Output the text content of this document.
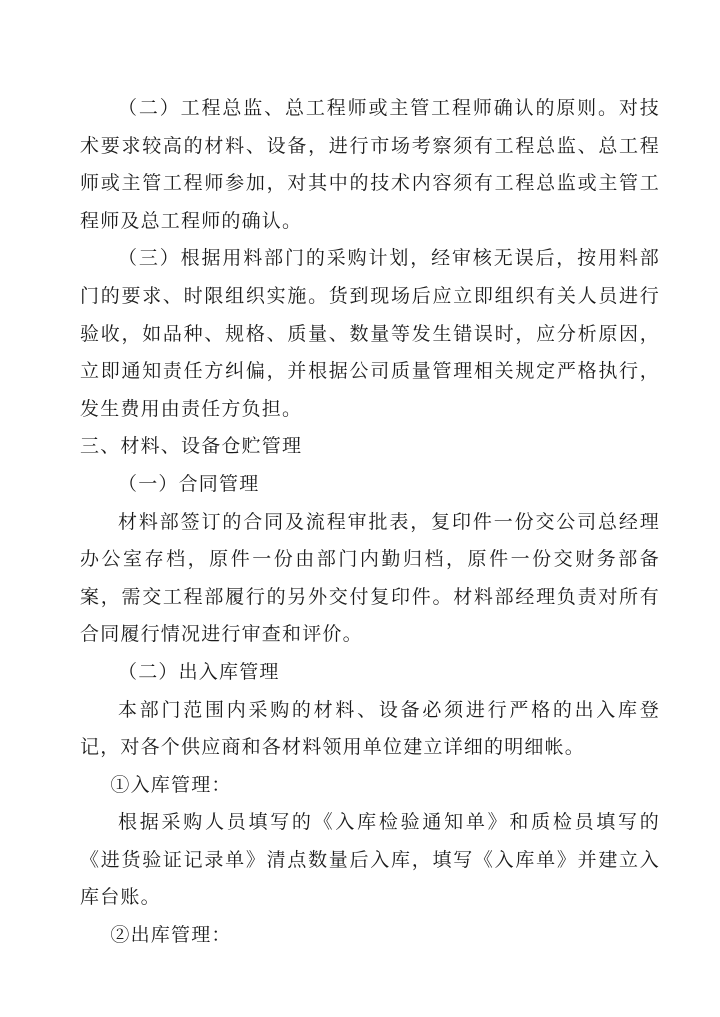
（二）工程总监、总工程师或主管工程师确认的原则。对技术要求较高的材料、设备，进行市场考察须有工程总监、总工程师或主管工程师参加，对其中的技术内容须有工程总监或主管工程师及总工程师的确认。

（三）根据用料部门的采购计划，经审核无误后，按用料部门的要求、时限组织实施。货到现场后应立即组织有关人员进行验收，如品种、规格、质量、数量等发生错误时，应分析原因，立即通知责任方纠偏，并根据公司质量管理相关规定严格执行，发生费用由责任方负担。

三、材料、设备仓贮管理

（一）合同管理

材料部签订的合同及流程审批表，复印件一份交公司总经理办公室存档，原件一份由部门内勤归档，原件一份交财务部备案，需交工程部履行的另外交付复印件。材料部经理负责对所有合同履行情况进行审查和评价。

（二）出入库管理

本部门范围内采购的材料、设备必须进行严格的出入库登记，对各个供应商和各材料领用单位建立详细的明细帐。

①入库管理：

根据采购人员填写的《入库检验通知单》和质检员填写的《进货验证记录单》清点数量后入库，填写《入库单》并建立入库台账。

②出库管理：
